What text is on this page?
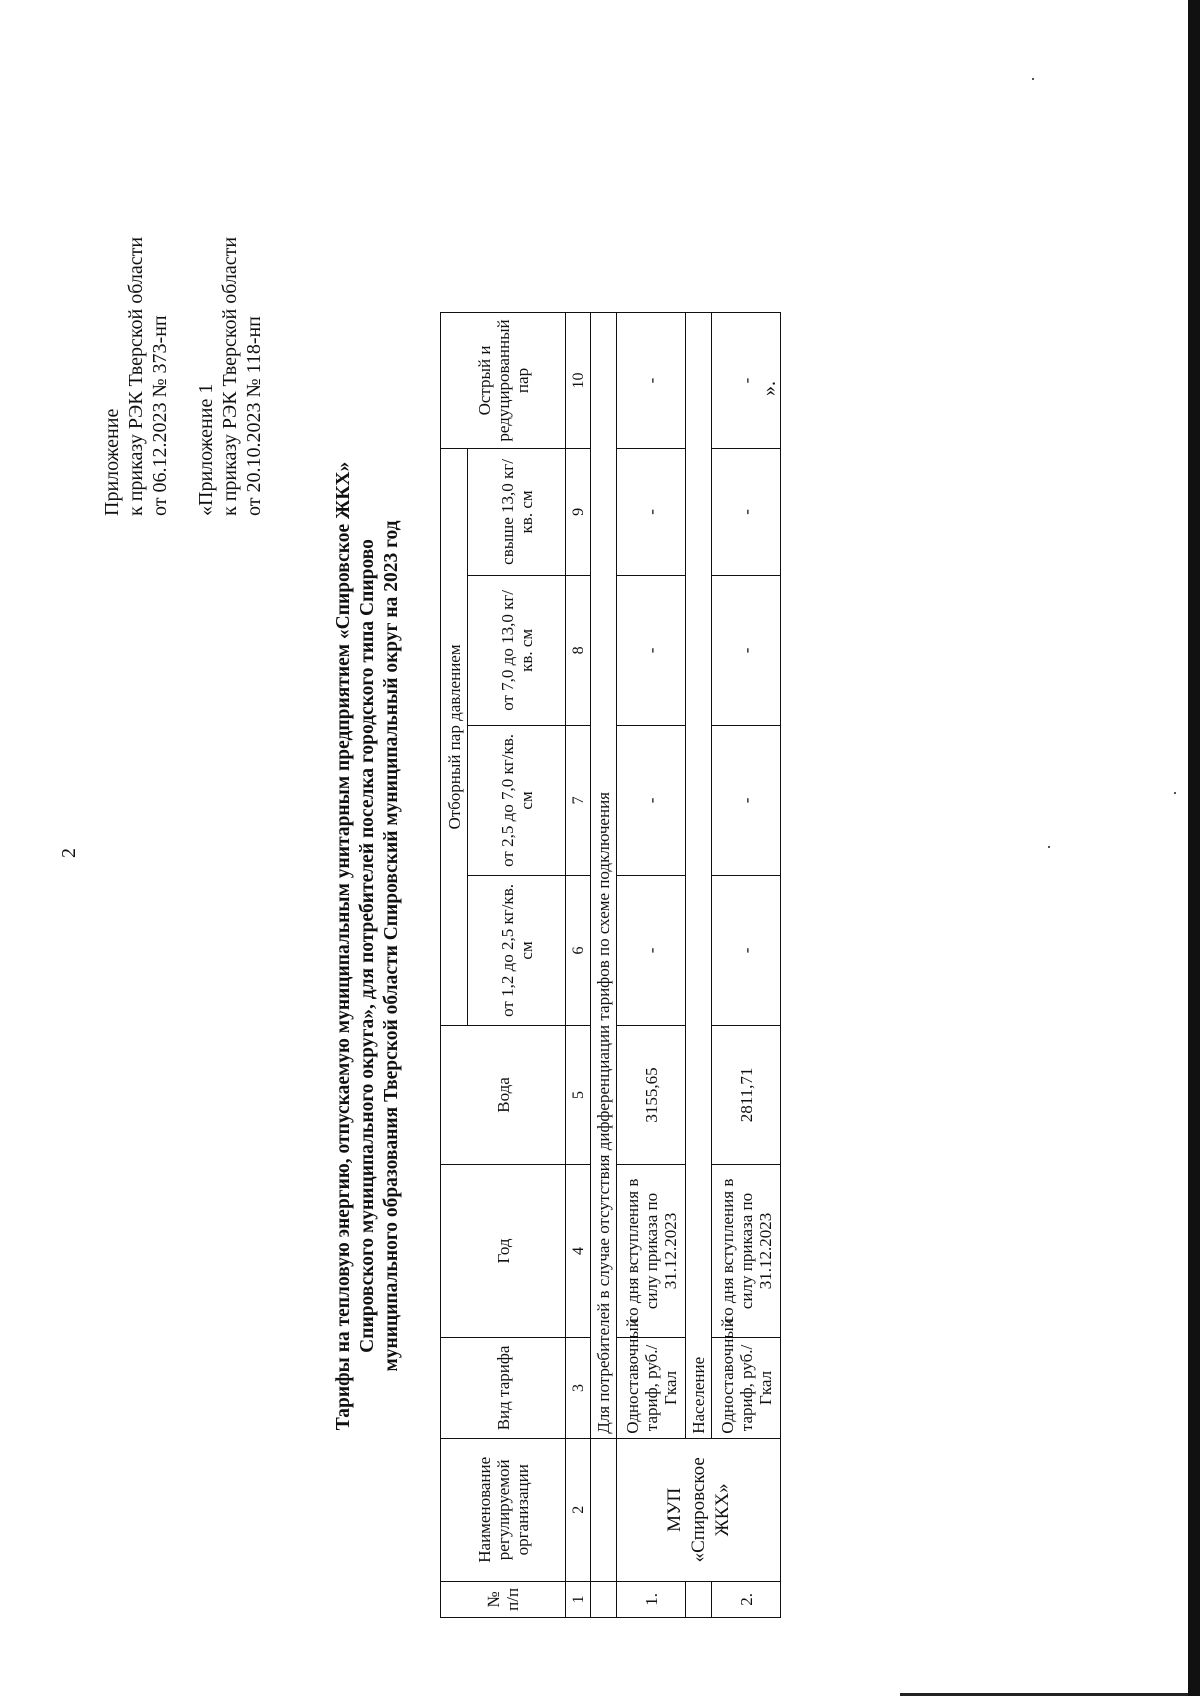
2
Приложение к приказу РЭК Тверской области от 06.12.2023 № 373-нп «Приложение 1 к приказу РЭК Тверской области от 20.10.2023 № 118-нп
Тарифы на тепловую энергию, отпускаемую муниципальным унитарным предприятием «Спировское ЖКХ» Спировского муниципального округа», для потребителей поселка городского типа Спирово муниципального образования Тверской области Спировский муниципальный округ на 2023 год
№ п/п	Наименование регулируемой организации	Вид тарифа	Год	Вода	Отборный пар давлением				Острый и редуцированный пар
					от 1,2 до 2,5 кг/кв. см	от 2,5 до 7,0 кг/кв. см	от 7,0 до 13,0 кг/кв. см	свыше 13,0 кг/кв. см	
1	2	3	4	5	6	7	8	9	10
		Для потребителей в случае отсутствия дифференциации тарифов по схеме подключения							
1.	МУП «Спировское ЖКХ»	Одноставочный тариф, руб./Гкал	со дня вступления в силу приказа по 31.12.2023	3155,65	-	-	-	-	-
		Население							
2.		Одноставочный тариф, руб./Гкал	со дня вступления в силу приказа по 31.12.2023	2811,71	-	-	-	-	-
».
